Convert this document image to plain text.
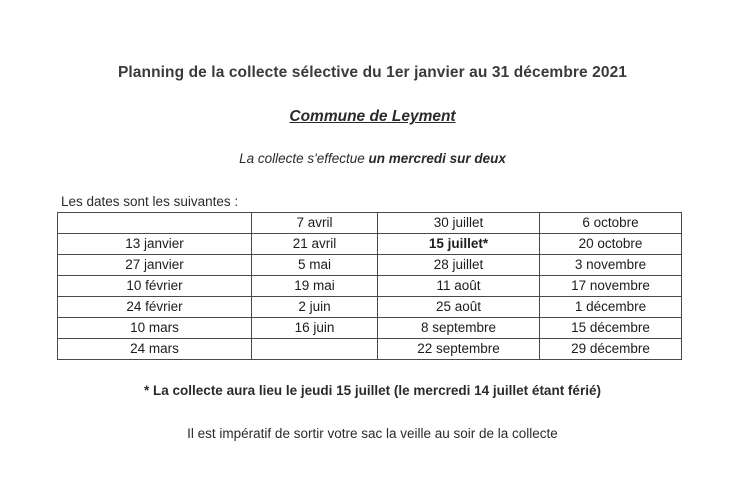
Planning de la collecte sélective du 1er janvier au 31 décembre 2021
Commune de Leyment
La collecte s'effectue un mercredi sur deux
Les dates sont les suivantes :
	7 avril	30 juillet	6 octobre
13 janvier	21 avril	15 juillet*	20 octobre
27 janvier	5 mai	28 juillet	3 novembre
10 février	19 mai	11 août	17 novembre
24 février	2 juin	25 août	1 décembre
10 mars	16 juin	8 septembre	15 décembre
24 mars		22 septembre	29 décembre
* La collecte aura lieu le jeudi 15 juillet (le mercredi 14 juillet étant férié)
Il est impératif de sortir votre sac la veille au soir de la collecte
